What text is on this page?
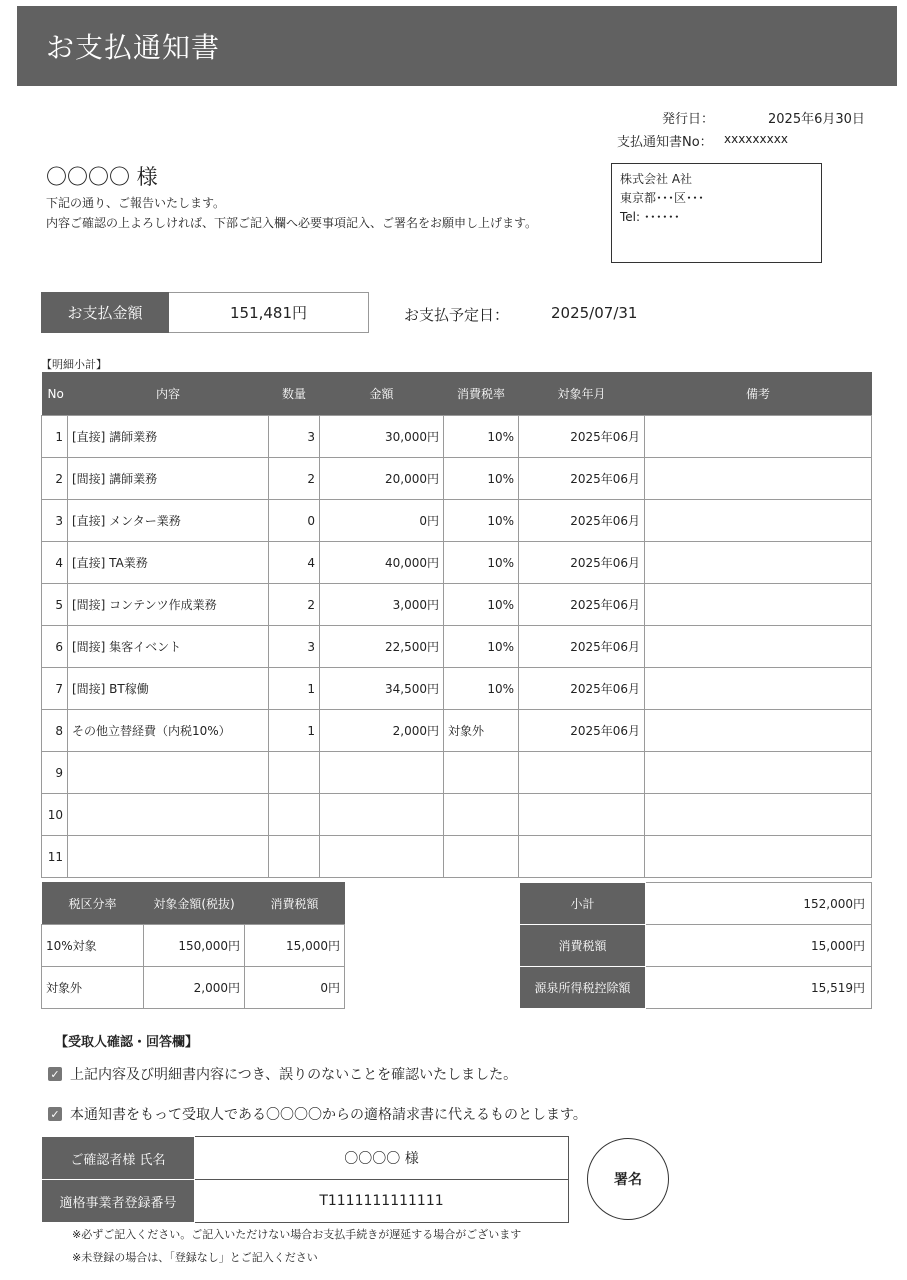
お支払通知書
発行日：	2025年6月30日
支払通知書No： xxxxxxxxx
〇〇〇〇 様
下記の通り、ご報告いたします。
内容ご確認の上よろしければ、下部ご記入欄へ必要事項記入、ご署名をお願申し上げます。
株式会社 A社
東京都･･･区･･･
Tel: ･･････
お支払金額	151,481円	お支払予定日：	2025/07/31
【明細小計】
No	内容	数量	金額	消費税率	対象年月	備考
1	[直接] 講師業務	3	30,000円	10%	2025年06月	
2	[間接] 講師業務	2	20,000円	10%	2025年06月	
3	[直接] メンター業務	0	0円	10%	2025年06月	
4	[直接] TA業務	4	40,000円	10%	2025年06月	
5	[間接] コンテンツ作成業務	2	3,000円	10%	2025年06月	
6	[間接] 集客イベント	3	22,500円	10%	2025年06月	
7	[間接] BT稼働	1	34,500円	10%	2025年06月	
8	その他立替経費（内税10%）	1	2,000円	対象外	2025年06月	
9						
10						
11						
税区分率	対象金額(税抜)	消費税額
10%対象	150,000円	15,000円
対象外	2,000円	0円
小計	152,000円
消費税額	15,000円
源泉所得税控除額	15,519円
【受取人確認・回答欄】
✓ 上記内容及び明細書内容につき、誤りのないことを確認いたしました。
✓ 本通知書をもって受取人である〇〇〇〇からの適格請求書に代えるものとします。
ご確認者様 氏名	〇〇〇〇 様
適格事業者登録番号	T1111111111111
署名
※必ずご記入ください。ご記入いただけない場合お支払手続きが遅延する場合がございます
※未登録の場合は、「登録なし」とご記入ください
